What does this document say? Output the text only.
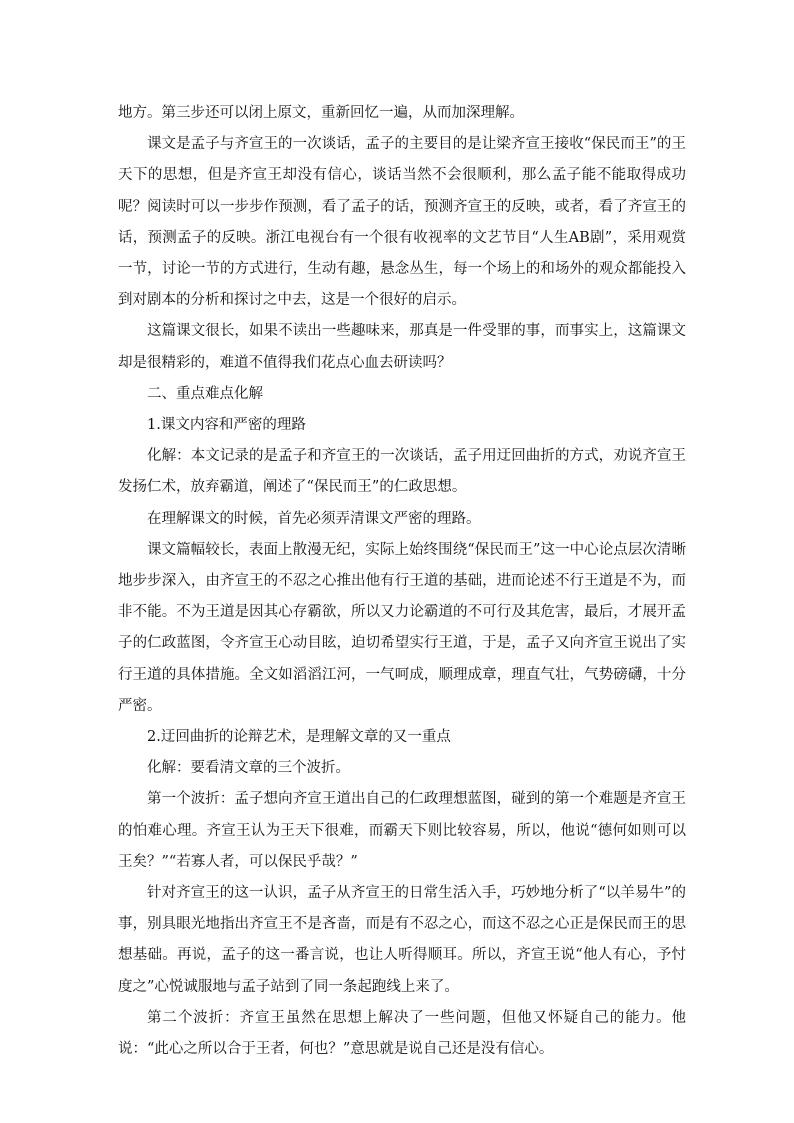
地方。第三步还可以闭上原文，重新回忆一遍，从而加深理解。

课文是孟子与齐宣王的一次谈话，孟子的主要目的是让梁齐宣王接收“保民而王”的王天下的思想，但是齐宣王却没有信心，谈话当然不会很顺利，那么孟子能不能取得成功呢？阅读时可以一步步作预测，看了孟子的话，预测齐宣王的反映，或者，看了齐宣王的话，预测孟子的反映。浙江电视台有一个很有收视率的文艺节目“人生AB剧”，采用观赏一节，讨论一节的方式进行，生动有趣，悬念丛生，每一个场上的和场外的观众都能投入到对剧本的分析和探讨之中去，这是一个很好的启示。

这篇课文很长，如果不读出一些趣味来，那真是一件受罪的事，而事实上，这篇课文却是很精彩的，难道不值得我们花点心血去研读吗？

二、重点难点化解

1.课文内容和严密的理路

化解：本文记录的是孟子和齐宣王的一次谈话，孟子用迂回曲折的方式，劝说齐宣王发扬仁术，放弃霸道，阐述了“保民而王”的仁政思想。

在理解课文的时候，首先必须弄清课文严密的理路。

课文篇幅较长，表面上散漫无纪，实际上始终围绕“保民而王”这一中心论点层次清晰地步步深入，由齐宣王的不忍之心推出他有行王道的基础，进而论述不行王道是不为，而非不能。不为王道是因其心存霸欲，所以又力论霸道的不可行及其危害，最后，才展开孟子的仁政蓝图，令齐宣王心动目眩，迫切希望实行王道，于是，孟子又向齐宣王说出了实行王道的具体措施。全文如滔滔江河，一气呵成，顺理成章，理直气壮，气势磅礴，十分严密。

2.迂回曲折的论辩艺术，是理解文章的又一重点

化解：要看清文章的三个波折。

第一个波折：孟子想向齐宣王道出自己的仁政理想蓝图，碰到的第一个难题是齐宣王的怕难心理。齐宣王认为王天下很难，而霸天下则比较容易，所以，他说“德何如则可以王矣？”“若寡人者，可以保民乎哉？”

针对齐宣王的这一认识，孟子从齐宣王的日常生活入手，巧妙地分析了“以羊易牛”的事，别具眼光地指出齐宣王不是吝啬，而是有不忍之心，而这不忍之心正是保民而王的思想基础。再说，孟子的这一番言说，也让人听得顺耳。所以，齐宣王说“他人有心，予忖度之”心悦诚服地与孟子站到了同一条起跑线上来了。

第二个波折：齐宣王虽然在思想上解决了一些问题，但他又怀疑自己的能力。他说：“此心之所以合于王者，何也？”意思就是说自己还是没有信心。
